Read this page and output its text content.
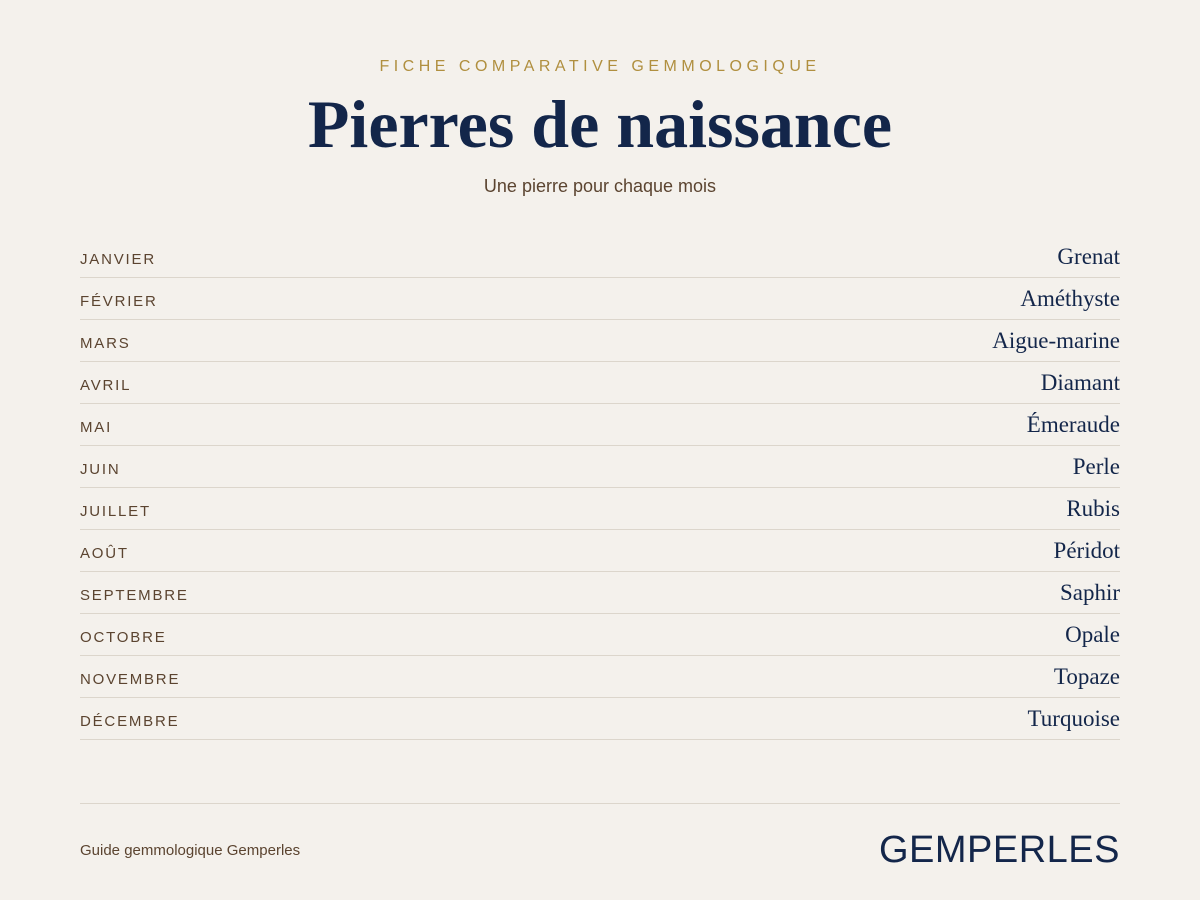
FICHE COMPARATIVE GEMMOLOGIQUE
Pierres de naissance
Une pierre pour chaque mois
JANVIER	Grenat
FÉVRIER	Améthyste
MARS	Aigue-marine
AVRIL	Diamant
MAI	Émeraude
JUIN	Perle
JUILLET	Rubis
AOÛT	Péridot
SEPTEMBRE	Saphir
OCTOBRE	Opale
NOVEMBRE	Topaze
DÉCEMBRE	Turquoise
Guide gemmologique Gemperles	GEMPERLES
